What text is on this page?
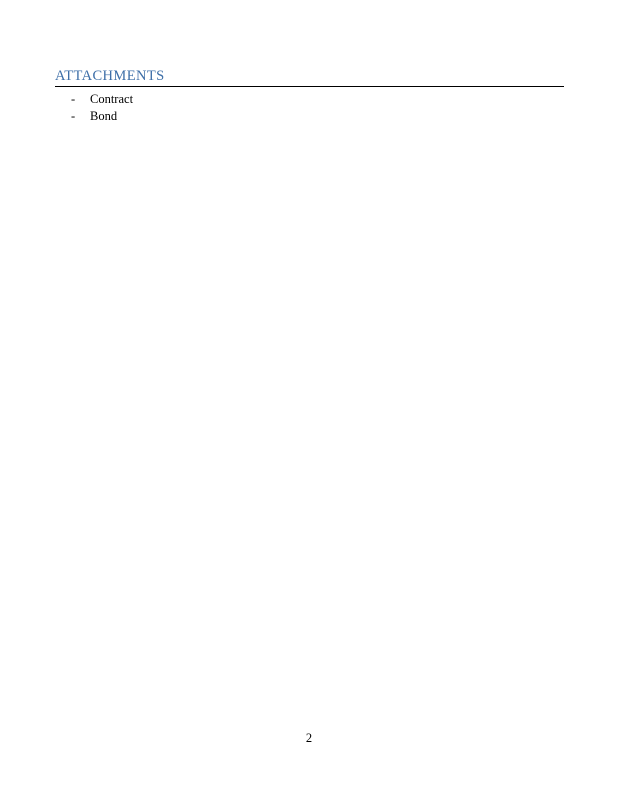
ATTACHMENTS
-	Contract
-	Bond
2
